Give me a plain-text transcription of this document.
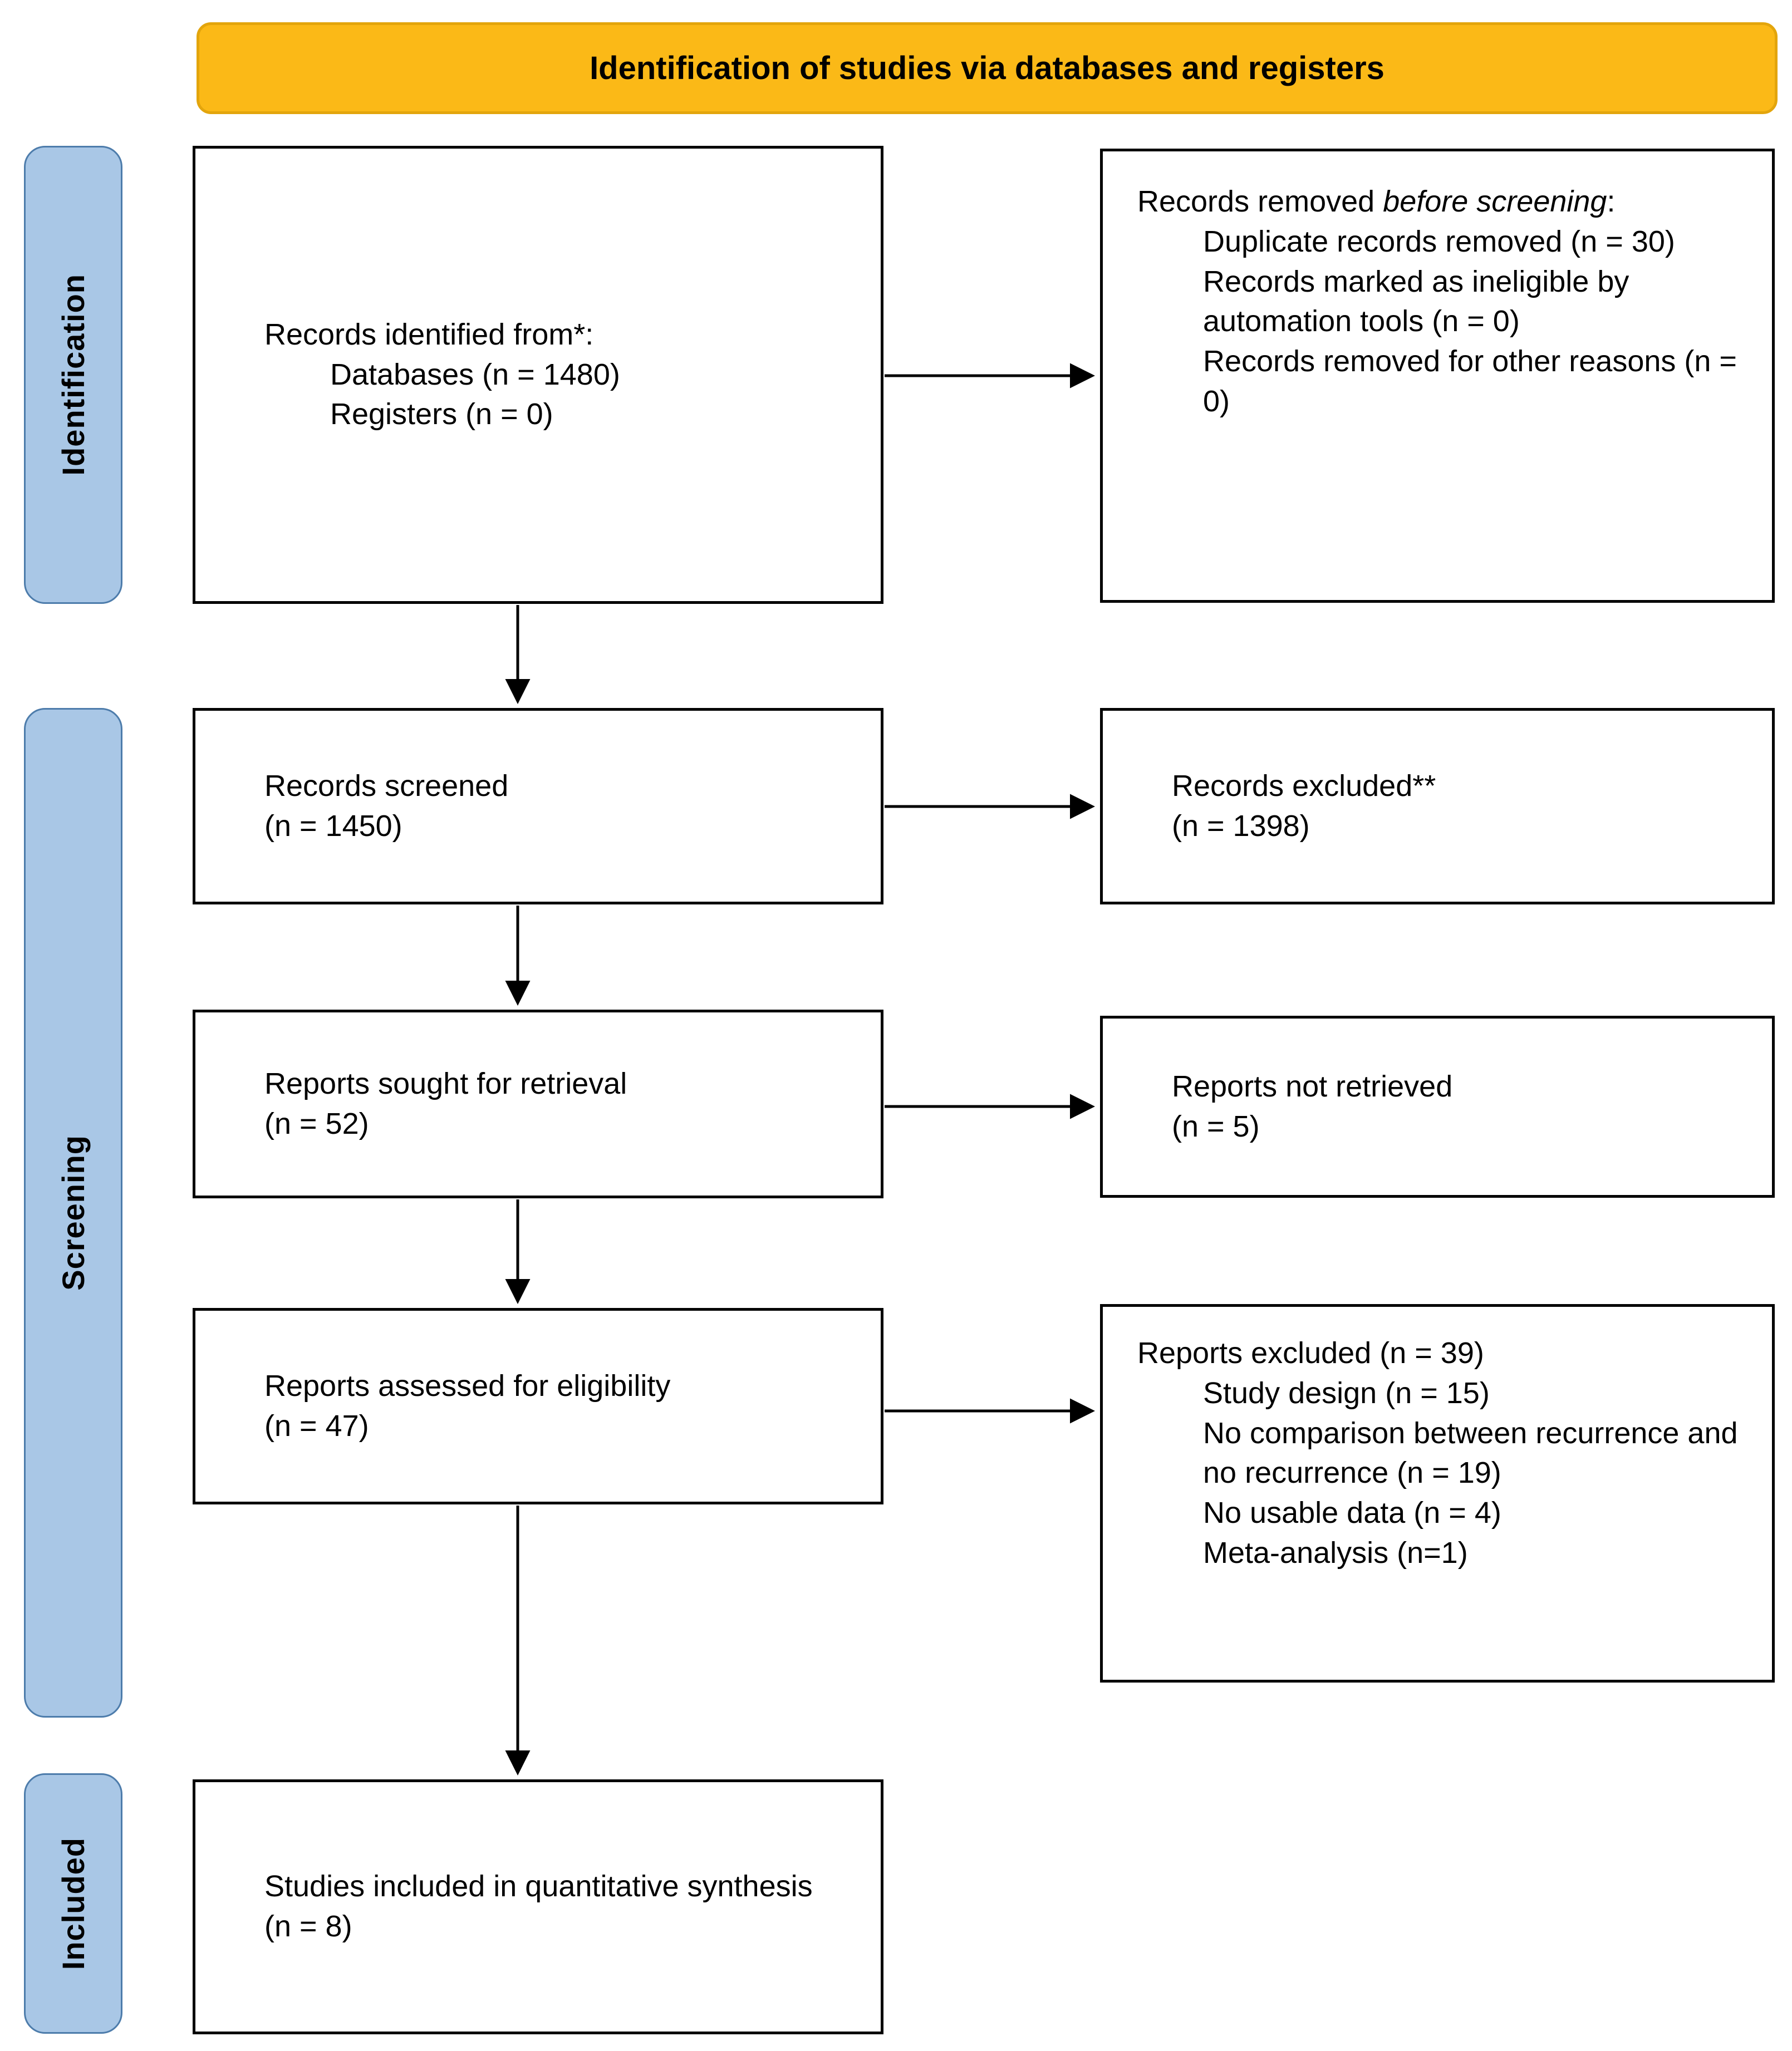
Identification of studies via databases and registers
Identification
Screening
Included

Records identified from*:

Databases (n = 1480)

Registers (n = 0)

Records screened

(n = 1450)

Reports sought for retrieval

(n = 52)

Reports assessed for eligibility

(n = 47)

Studies included in quantitative synthesis

(n = 8)

Records removed before screening:

Duplicate records removed (n = 30)

Records marked as ineligible by automation tools (n = 0)

Records removed for other reasons (n = 0)

Records excluded**

(n = 1398)

Reports not retrieved

(n = 5)

Reports excluded (n = 39)

Study design (n = 15)

No comparison between recurrence and no recurrence (n = 19)

No usable data (n = 4)

Meta-analysis (n=1)
